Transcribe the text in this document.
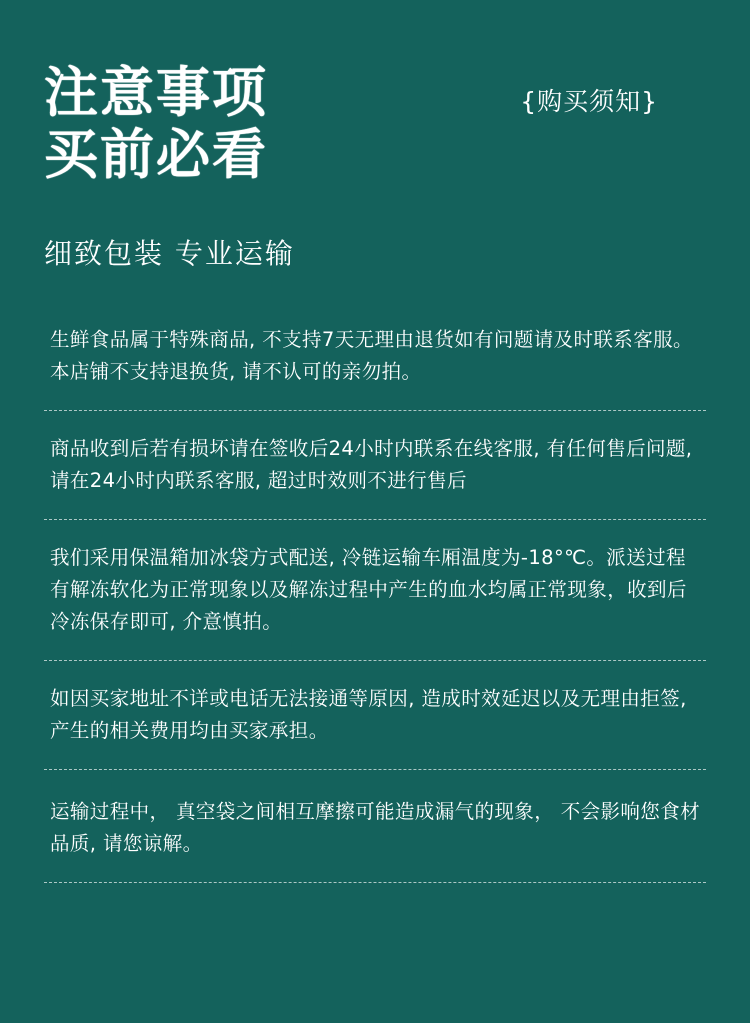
注意事项
买前必看
{购买须知}
细致包装 专业运输
生鲜食品属于特殊商品, 不支持7天无理由退货如有问题请及时联系客服。本店铺不支持退换货, 请不认可的亲勿拍。
商品收到后若有损坏请在签收后24小时内联系在线客服, 有任何售后问题, 请在24小时内联系客服, 超过时效则不进行售后
我们采用保温箱加冰袋方式配送, 冷链运输车厢温度为-18°℃。派送过程有解冻软化为正常现象以及解冻过程中产生的血水均属正常现象，收到后冷冻保存即可, 介意慎拍。
如因买家地址不详或电话无法接通等原因, 造成时效延迟以及无理由拒签, 产生的相关费用均由买家承担。
运输过程中， 真空袋之间相互摩擦可能造成漏气的现象， 不会影响您食材品质, 请您谅解。
